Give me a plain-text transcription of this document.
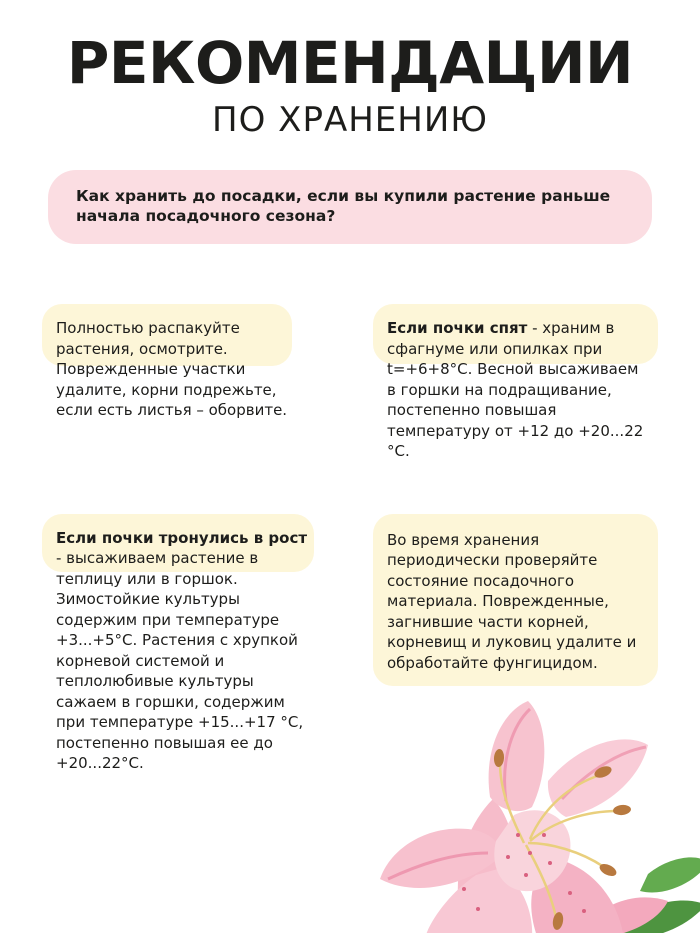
РЕКОМЕНДАЦИИ
ПО ХРАНЕНИЮ
Как хранить до посадки, если вы купили растение раньше начала посадочного сезона?
Полностью распакуйте растения, осмотрите. Поврежденные участки удалите, корни подрежьте, если есть листья – оборвите.
Если почки спят - храним в сфагнуме или опилках при t=+6+8°С. Весной высаживаем в горшки на подращивание, постепенно повышая температуру от +12 до +20...22 °С.
Если почки тронулись в рост - высаживаем растение в теплицу или в горшок. Зимостойкие культуры содержим при температуре +3...+5°С. Растения с хрупкой корневой системой и теплолюбивые культуры сажаем в горшки, содержим при температуре +15...+17 °С, постепенно повышая ее до +20...22°С.
Во время хранения периодически проверяйте состояние посадочного материала. Поврежденные, загнившие части корней, корневищ и луковиц удалите и обработайте фунгицидом.
